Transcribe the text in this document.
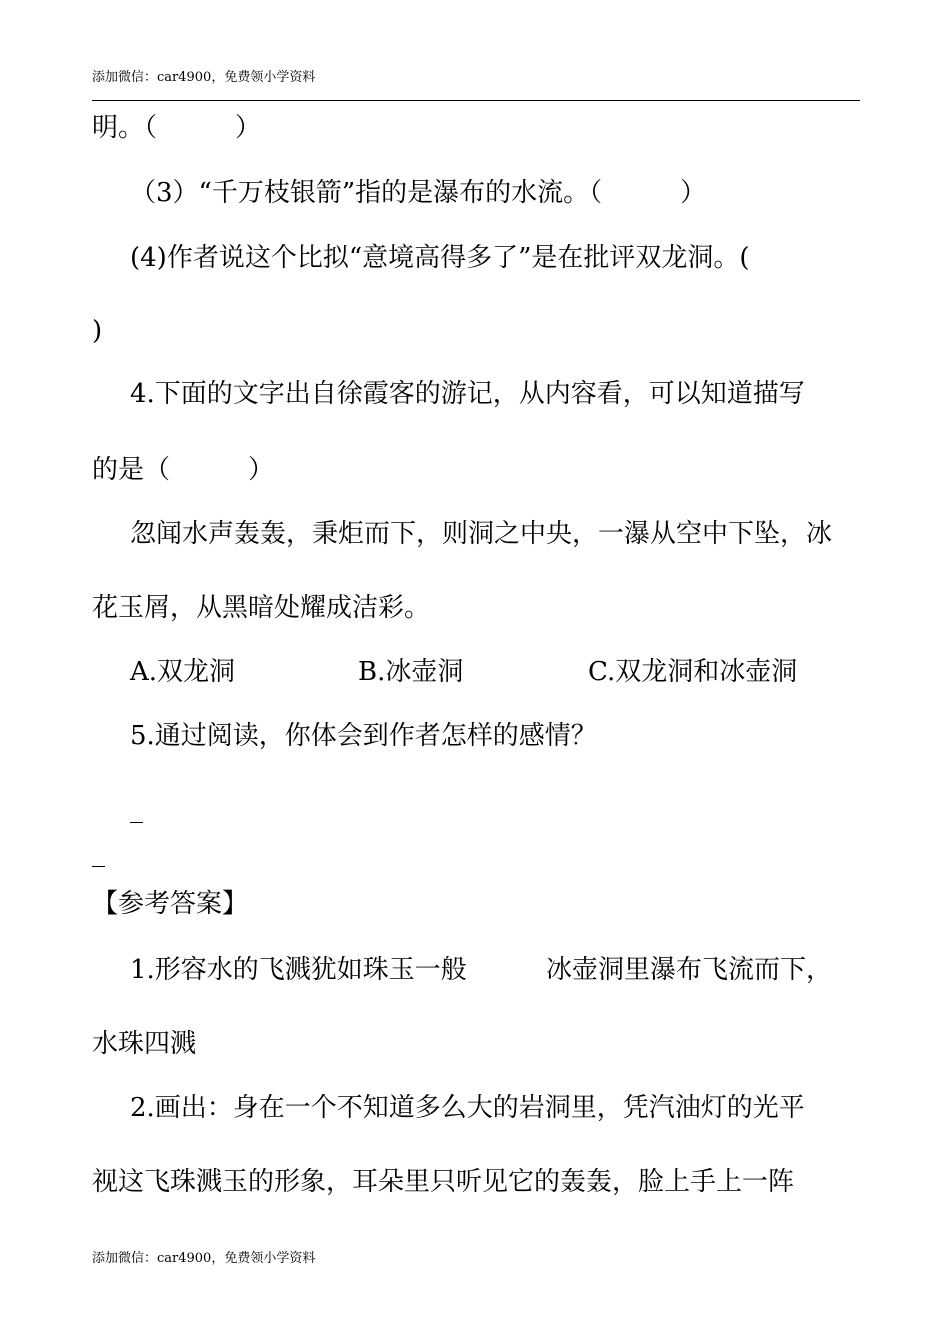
添加微信：car4900，免费领小学资料
明。（　　　）
（3）“千万枝银箭”指的是瀑布的水流。（　　　）
(4)作者说这个比拟“意境高得多了”是在批评双龙洞。(
)
4.下面的文字出自徐霞客的游记，从内容看，可以知道描写
的是（　　　）
忽闻水声轰轰，秉炬而下，则洞之中央，一瀑从空中下坠，冰
花玉屑，从黑暗处耀成洁彩。
A.双龙洞	B.冰壶洞	C.双龙洞和冰壶洞
5.通过阅读，你体会到作者怎样的感情？
_
_
【参考答案】
1.形容水的飞溅犹如珠玉一般	冰壶洞里瀑布飞流而下，
水珠四溅
2.画出：身在一个不知道多么大的岩洞里，凭汽油灯的光平
视这飞珠溅玉的形象，耳朵里只听见它的轰轰，脸上手上一阵
添加微信：car4900，免费领小学资料
